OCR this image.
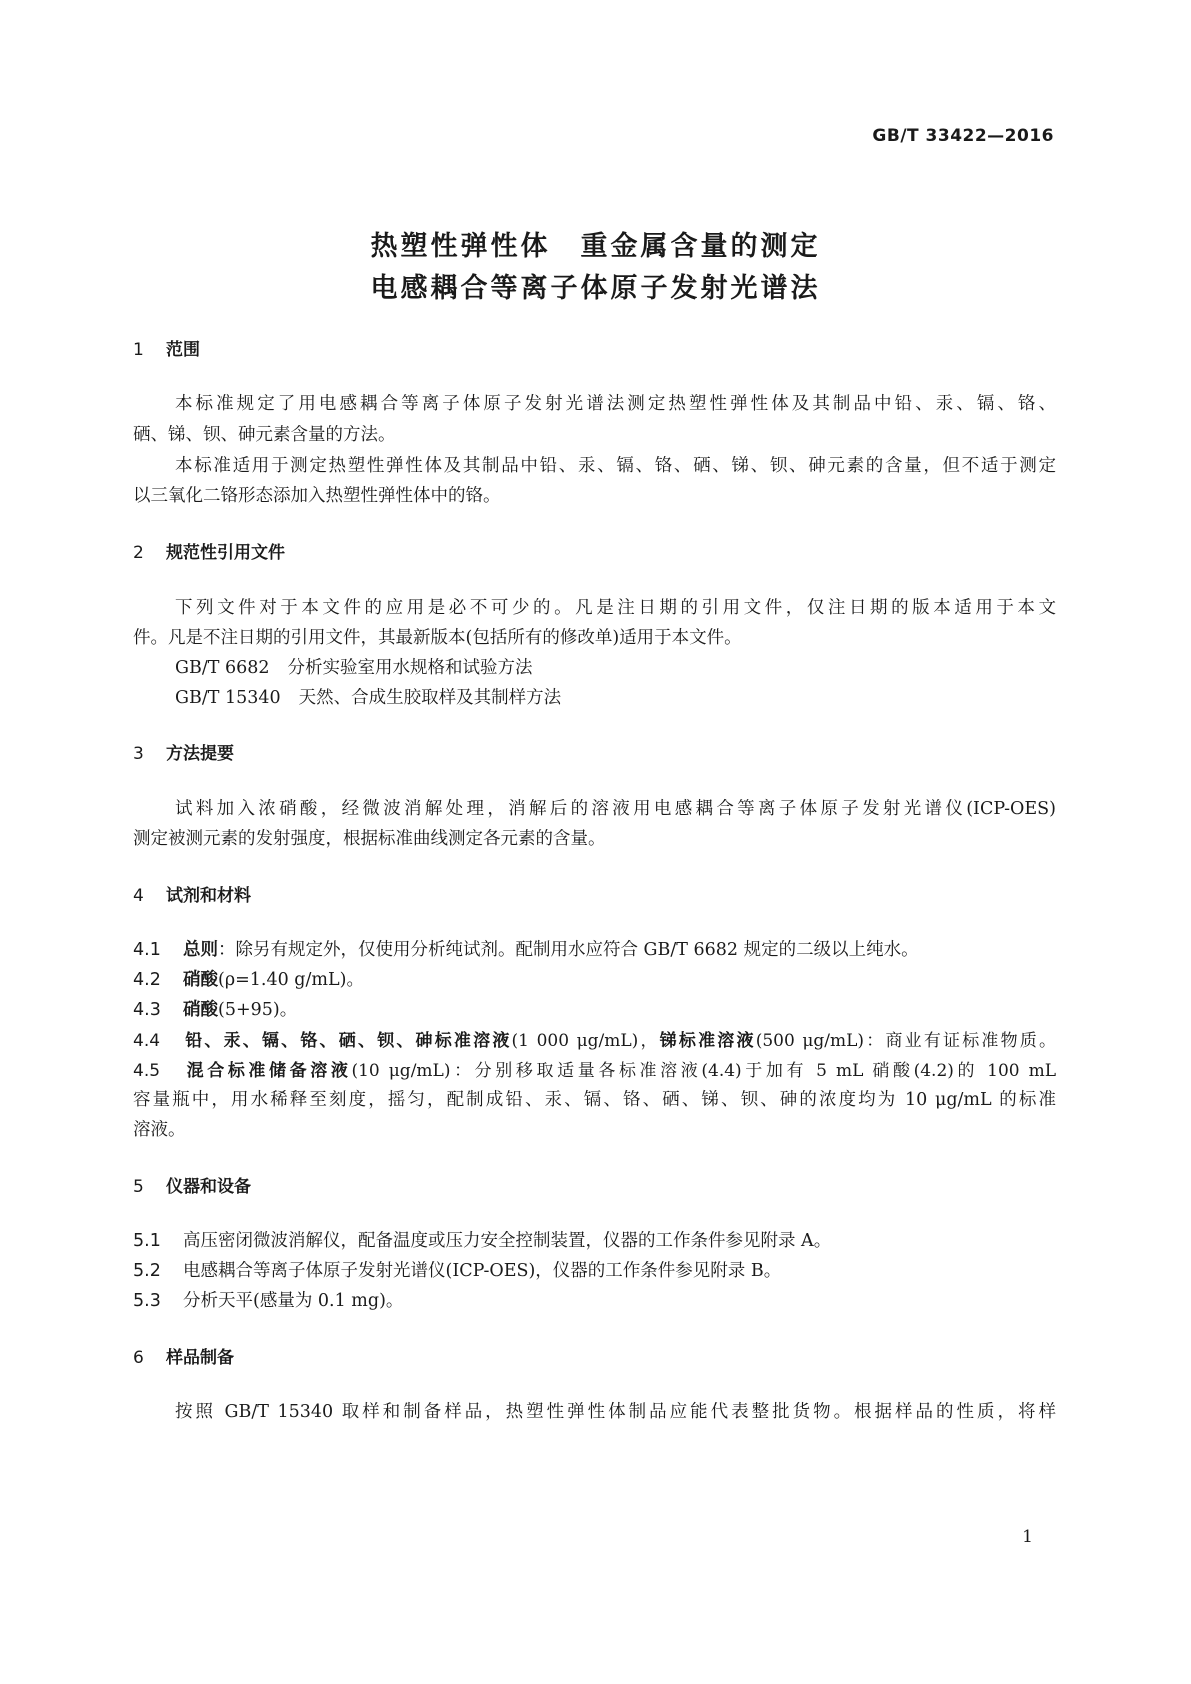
GB/T 33422—2016
热塑性弹性体　重金属含量的测定
电感耦合等离子体原子发射光谱法
1 范围
本标准规定了用电感耦合等离子体原子发射光谱法测定热塑性弹性体及其制品中铅、汞、镉、铬、
硒、锑、钡、砷元素含量的方法。
本标准适用于测定热塑性弹性体及其制品中铅、汞、镉、铬、硒、锑、钡、砷元素的含量，但不适于测定
以三氧化二铬形态添加入热塑性弹性体中的铬。
2 规范性引用文件
下列文件对于本文件的应用是必不可少的。凡是注日期的引用文件，仅注日期的版本适用于本文
件。凡是不注日期的引用文件，其最新版本(包括所有的修改单)适用于本文件。
GB/T 6682 分析实验室用水规格和试验方法
GB/T 15340 天然、合成生胶取样及其制样方法
3 方法提要
试料加入浓硝酸，经微波消解处理，消解后的溶液用电感耦合等离子体原子发射光谱仪(ICP-OES)
测定被测元素的发射强度，根据标准曲线测定各元素的含量。
4 试剂和材料
4.1 总则：除另有规定外，仅使用分析纯试剂。配制用水应符合 GB/T 6682 规定的二级以上纯水。
4.2 硝酸(ρ=1.40 g/mL)。
4.3 硝酸(5+95)。
4.4 铅、汞、镉、铬、硒、钡、砷标准溶液(1 000 μg/mL)，锑标准溶液(500 μg/mL)：商业有证标准物质。
4.5 混合标准储备溶液(10 μg/mL)：分别移取适量各标准溶液(4.4)于加有 5 mL 硝酸(4.2)的 100 mL
容量瓶中，用水稀释至刻度，摇匀，配制成铅、汞、镉、铬、硒、锑、钡、砷的浓度均为 10 μg/mL 的标准
溶液。
5 仪器和设备
5.1 高压密闭微波消解仪，配备温度或压力安全控制装置，仪器的工作条件参见附录 A。
5.2 电感耦合等离子体原子发射光谱仪(ICP-OES)，仪器的工作条件参见附录 B。
5.3 分析天平(感量为 0.1 mg)。
6 样品制备
按照 GB/T 15340 取样和制备样品，热塑性弹性体制品应能代表整批货物。根据样品的性质，将样
1
